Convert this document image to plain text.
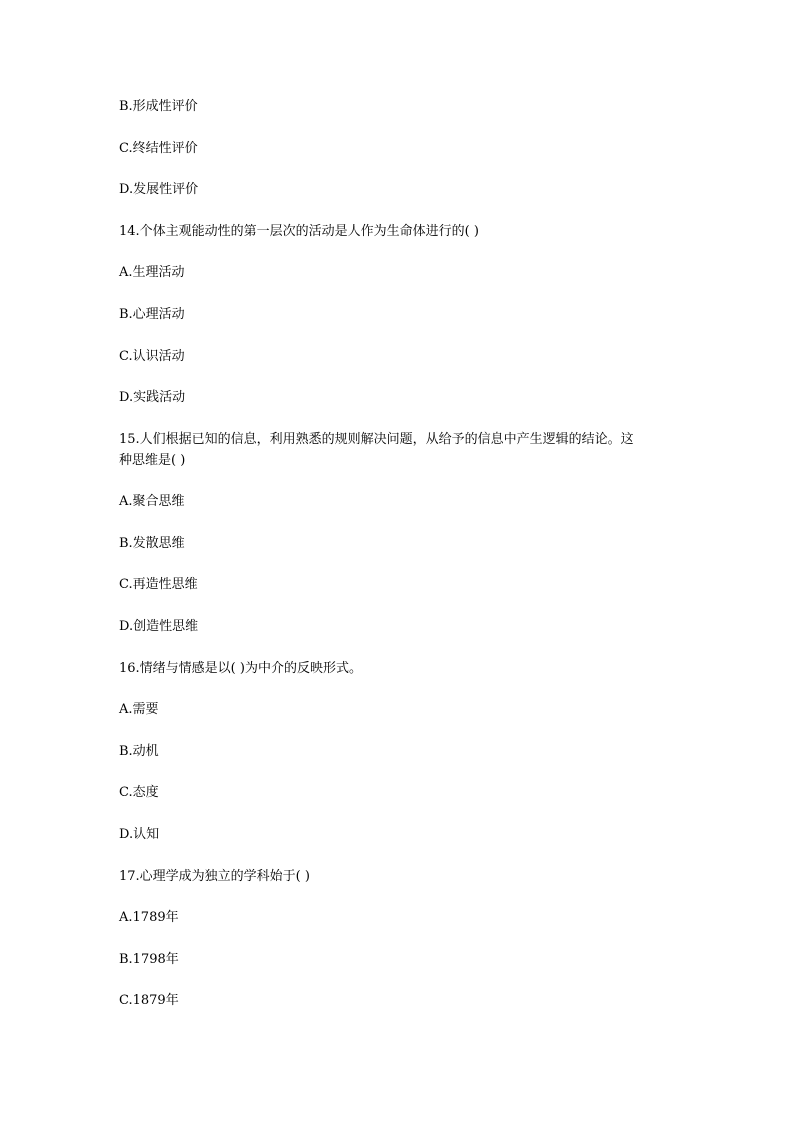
B.形成性评价
C.终结性评价
D.发展性评价
14.个体主观能动性的第一层次的活动是人作为生命体进行的( )
A.生理活动
B.心理活动
C.认识活动
D.实践活动
15.人们根据已知的信息，利用熟悉的规则解决问题，从给予的信息中产生逻辑的结论。这
种思维是( )
A.聚合思维
B.发散思维
C.再造性思维
D.创造性思维
16.情绪与情感是以( )为中介的反映形式。
A.需要
B.动机
C.态度
D.认知
17.心理学成为独立的学科始于( )
A.1789年
B.1798年
C.1879年
